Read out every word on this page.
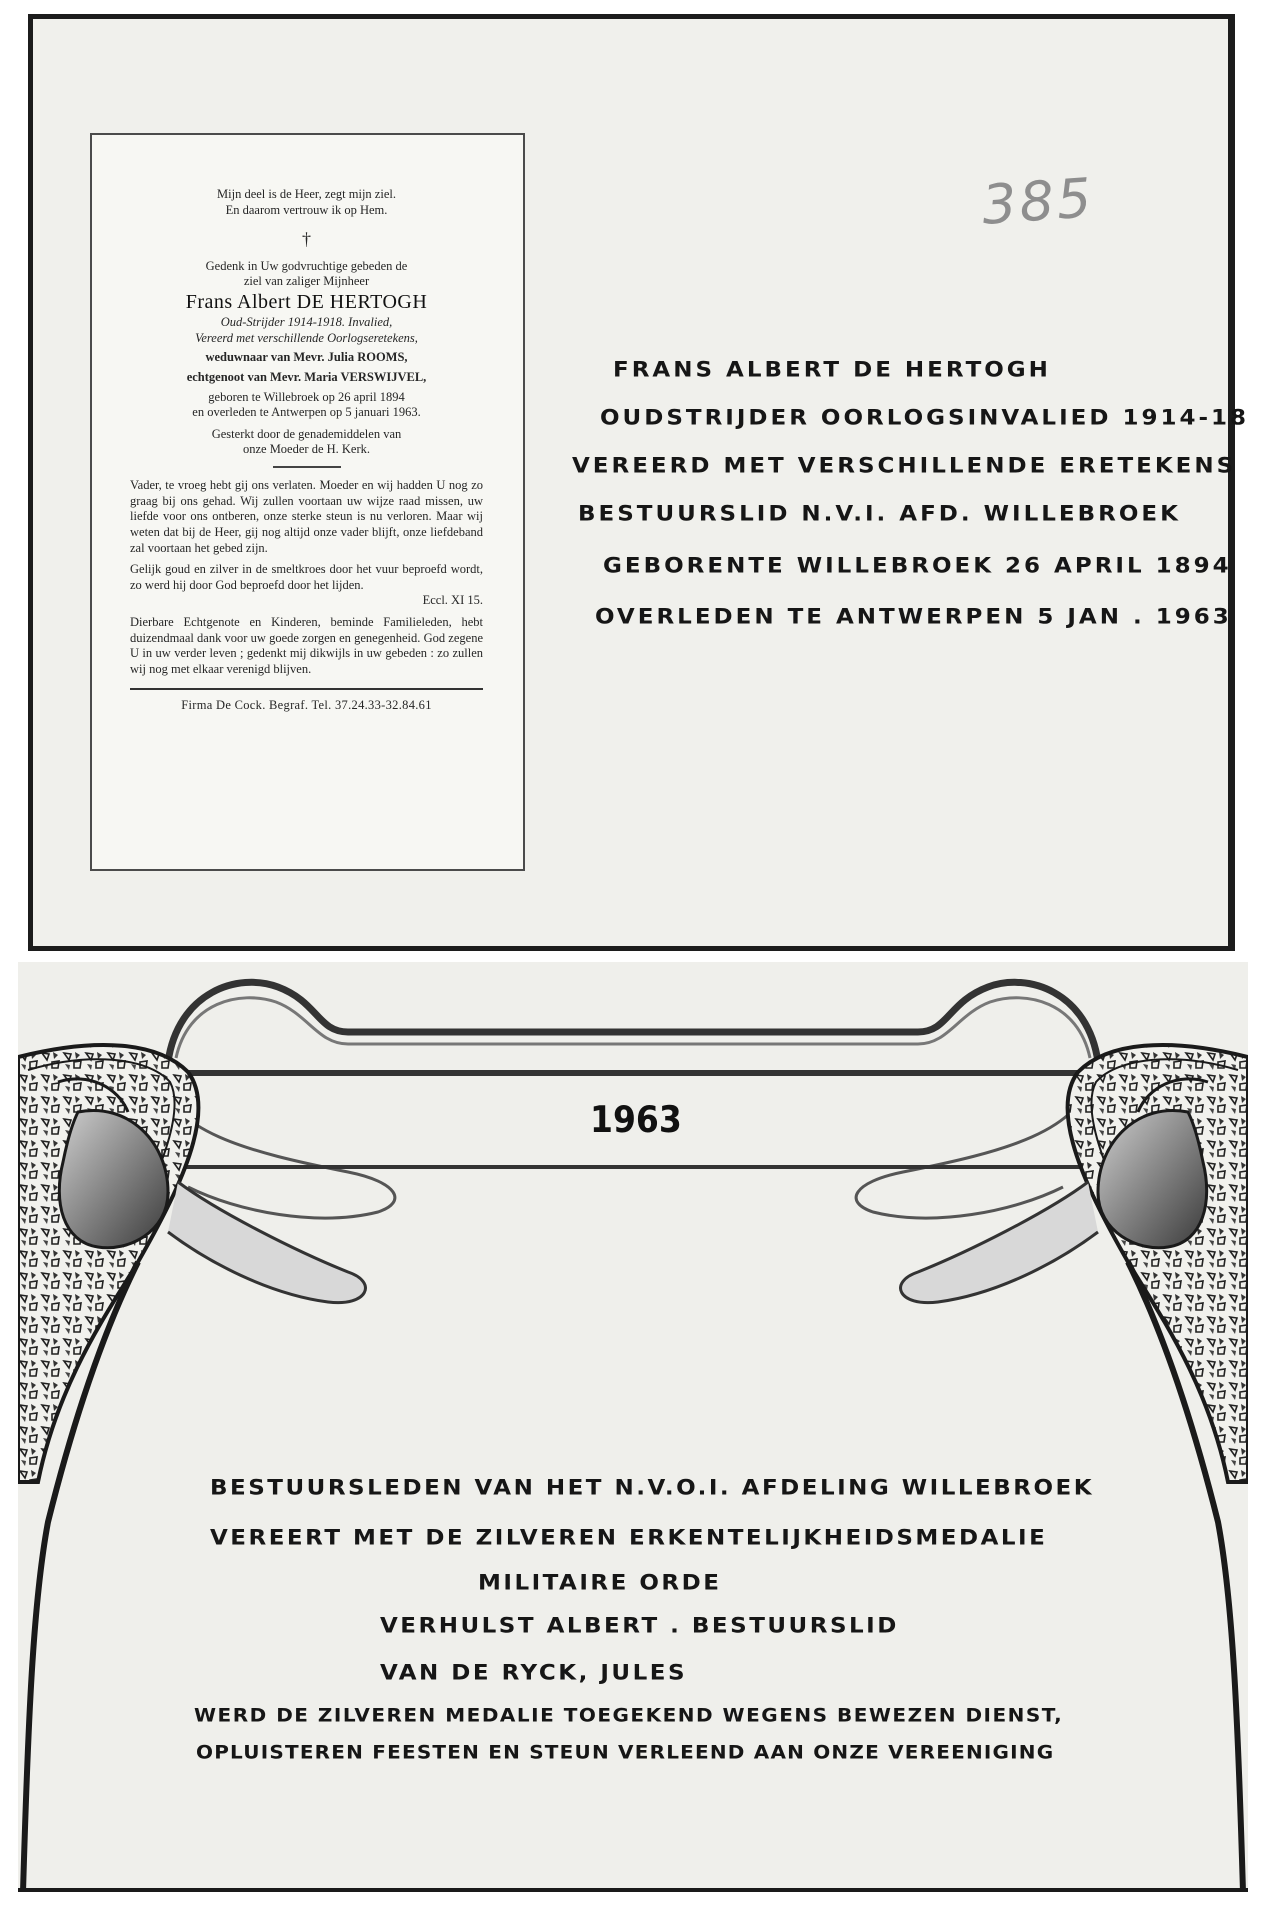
385

Mijn deel is de Heer, zegt mijn ziel.

En daarom vertrouw ik op Hem.

†

Gedenk in Uw godvruchtige gebeden de

ziel van zaliger Mijnheer

Frans Albert DE HERTOGH

Oud-Strijder 1914-1918. Invalied,

Vereerd met verschillende Oorlogseretekens,

weduwnaar van Mevr. Julia ROOMS,

echtgenoot van Mevr. Maria VERSWIJVEL,

geboren te Willebroek op 26 april 1894

en overleden te Antwerpen op 5 januari 1963.

Gesterkt door de genademiddelen van

onze Moeder de H. Kerk.

Vader, te vroeg hebt gij ons verlaten. Moeder en wij hadden U nog zo graag bij ons gehad. Wij zullen voortaan uw wijze raad missen, uw liefde voor ons ontberen, onze sterke steun is nu verloren. Maar wij weten dat bij de Heer, gij nog altijd onze vader blijft, onze liefdeband zal voortaan het gebed zijn.

Gelijk goud en zilver in de smeltkroes door het vuur beproefd wordt, zo werd hij door God beproefd door het lijden.

Eccl. XI 15.

Dierbare Echtgenote en Kinderen, beminde Familieleden, hebt duizendmaal dank voor uw goede zorgen en genegenheid. God zegene U in uw verder leven ; gedenkt mij dikwijls in uw gebeden : zo zullen wij nog met elkaar verenigd blijven.

Firma De Cock. Begraf. Tel. 37.24.33-32.84.61
FRANS ALBERT DE HERTOGH
OUDSTRIJDER OORLOGSINVALIED 1914-18
VEREERD MET VERSCHILLENDE ERETEKENS
BESTUURSLID N.V.I. AFD. WILLEBROEK
GEBORENTE WILLEBROEK 26 APRIL 1894
OVERLEDEN TE ANTWERPEN 5 JAN . 1963
1963
BESTUURSLEDEN VAN HET N.V.O.I. AFDELING WILLEBROEK
VEREERT MET DE ZILVEREN ERKENTELIJKHEIDSMEDALIE
MILITAIRE ORDE
VERHULST ALBERT . BESTUURSLID
VAN DE RYCK, JULES
WERD DE ZILVEREN MEDALIE TOEGEKEND WEGENS BEWEZEN DIENST,
OPLUISTEREN FEESTEN EN STEUN VERLEEND AAN ONZE VEREENIGING
